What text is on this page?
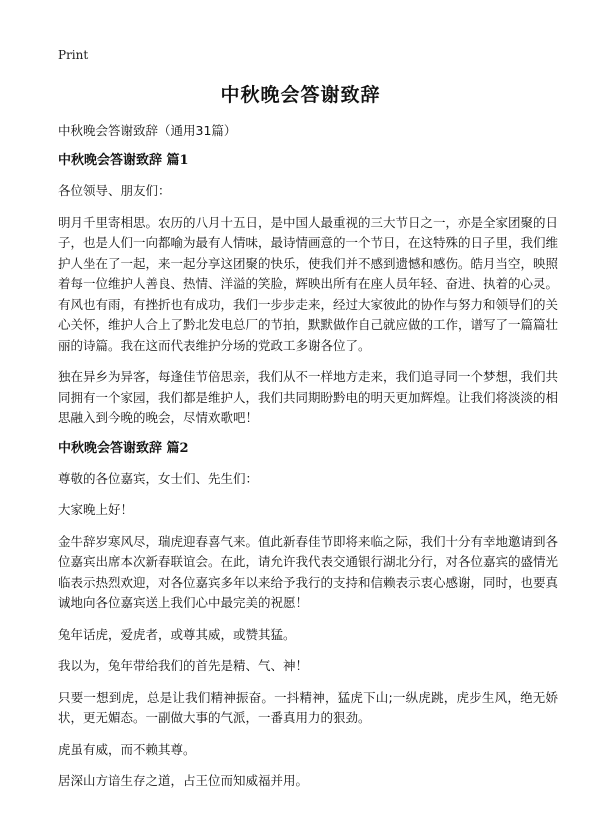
Print
中秋晚会答谢致辞

中秋晚会答谢致辞（通用31篇）

中秋晚会答谢致辞 篇1

各位领导、朋友们：

明月千里寄相思。农历的八月十五日，是中国人最重视的三大节日之一，亦是全家团聚的日子，也是人们一向都喻为最有人情味，最诗情画意的一个节日，在这特殊的日子里，我们维护人坐在了一起，来一起分享这团聚的快乐，使我们并不感到遗憾和感伤。皓月当空，映照着每一位维护人善良、热情、洋溢的笑脸，辉映出所有在座人员年轻、奋进、执着的心灵。有风也有雨，有挫折也有成功，我们一步步走来，经过大家彼此的协作与努力和领导们的关心关怀，维护人合上了黔北发电总厂的节拍，默默做作自己就应做的工作，谱写了一篇篇壮丽的诗篇。我在这而代表维护分场的党政工多谢各位了。

独在异乡为异客，每逢佳节倍思亲，我们从不一样地方走来，我们追寻同一个梦想，我们共同拥有一个家园，我们都是维护人，我们共同期盼黔电的明天更加辉煌。让我们将淡淡的相思融入到今晚的晚会，尽情欢歌吧！

中秋晚会答谢致辞 篇2

尊敬的各位嘉宾，女士们、先生们：

大家晚上好！

金牛辞岁寒风尽，瑞虎迎春喜气来。值此新春佳节即将来临之际，我们十分有幸地邀请到各位嘉宾出席本次新春联谊会。在此，请允许我代表交通银行湖北分行，对各位嘉宾的盛情光临表示热烈欢迎，对各位嘉宾多年以来给予我行的支持和信赖表示衷心感谢，同时，也要真诚地向各位嘉宾送上我们心中最完美的祝愿！

兔年话虎，爱虎者，或尊其威，或赞其猛。

我以为，兔年带给我们的首先是精、气、神！

只要一想到虎，总是让我们精神振奋。一抖精神，猛虎下山;一纵虎跳，虎步生风，绝无娇状，更无媚态。一副做大事的气派，一番真用力的狠劲。

虎虽有威，而不赖其尊。

居深山方谙生存之道，占王位而知威福并用。
